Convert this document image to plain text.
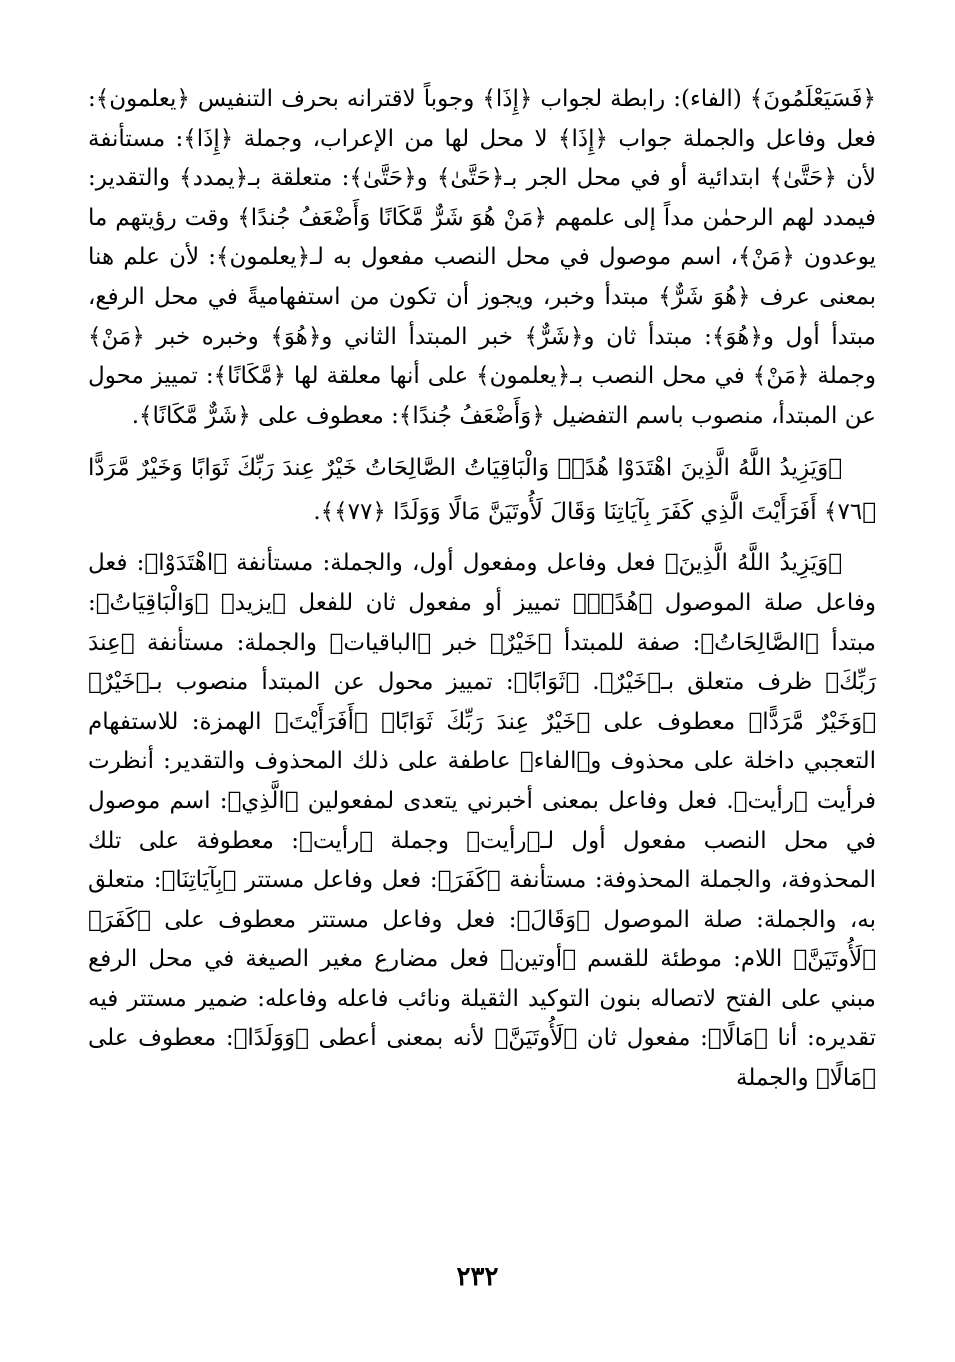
﴿فَسَيَعْلَمُونَ﴾ (الفاء): رابطة لجواب ﴿إِذَا﴾ وجوباً لاقترانه بحرف التنفيس ﴿يعلمون﴾: فعل وفاعل والجملة جواب ﴿إِذَا﴾ لا محل لها من الإعراب، وجملة ﴿إِذَا﴾: مستأنفة لأن ﴿حَتَّىٰ﴾ ابتدائية أو في محل الجر بـ﴿حَتَّىٰ﴾ و﴿حَتَّىٰ﴾: متعلقة بـ﴿يمدد﴾ والتقدير: فيمدد لهم الرحمٰن مداً إلى علمهم ﴿مَنْ هُوَ شَرٌّ مَّكَانًا وَأَضْعَفُ جُندًا﴾ وقت رؤيتهم ما يوعدون ﴿مَنْ﴾، اسم موصول في محل النصب مفعول به لـ﴿يعلمون﴾: لأن علم هنا بمعنى عرف ﴿هُوَ شَرٌّ﴾ مبتدأ وخبر، ويجوز أن تكون من استفهاميةً في محل الرفع، مبتدأ أول و﴿هُوَ﴾: مبتدأ ثان و﴿شَرٌّ﴾ خبر المبتدأ الثاني و﴿هُوَ﴾ وخبره خبر ﴿مَنْ﴾ وجملة ﴿مَنْ﴾ في محل النصب بـ﴿يعلمون﴾ على أنها معلقة لها ﴿مَّكَانًا﴾: تمييز محول عن المبتدأ، منصوب باسم التفضيل ﴿وَأَضْعَفُ جُندًا﴾: معطوف على ﴿شَرٌّ مَّكَانًا﴾.

﴿وَيَزِيدُ اللَّهُ الَّذِينَ اهْتَدَوْا هُدًىۗ وَالْبَاقِيَاتُ الصَّالِحَاتُ خَيْرٌ عِندَ رَبِّكَ ثَوَابًا وَخَيْرٌ مَّرَدًّا ﴿٧٦﴾ أَفَرَأَيْتَ الَّذِي كَفَرَ بِآيَاتِنَا وَقَالَ لَأُوتَيَنَّ مَالًا وَوَلَدًا ﴿٧٧﴾﴾.

﴿وَيَزِيدُ اللَّهُ الَّذِينَ﴾ فعل وفاعل ومفعول أول، والجملة: مستأنفة ﴿اهْتَدَوْا﴾: فعل وفاعل صلة الموصول ﴿هُدًىۗ﴾ تمييز أو مفعول ثان للفعل ﴿يزيد﴾ ﴿وَالْبَاقِيَاتُ﴾: مبتدأ ﴿الصَّالِحَاتُ﴾: صفة للمبتدأ ﴿خَيْرٌ﴾ خبر ﴿الباقيات﴾ والجملة: مستأنفة ﴿عِندَ رَبِّكَ﴾ ظرف متعلق بـ﴿خَيْرٌ﴾. ﴿ثَوَابًا﴾: تمييز محول عن المبتدأ منصوب بـ﴿خَيْرٌ﴾ ﴿وَخَيْرٌ مَّرَدًّا﴾ معطوف على ﴿خَيْرٌ عِندَ رَبِّكَ ثَوَابًا﴾ ﴿أَفَرَأَيْتَ﴾ الهمزة: للاستفهام التعجبي داخلة على محذوف و﴿الفاء﴾ عاطفة على ذلك المحذوف والتقدير: أنظرت فرأيت ﴿رأيت﴾. فعل وفاعل بمعنى أخبرني يتعدى لمفعولين ﴿الَّذِي﴾: اسم موصول في محل النصب مفعول أول لـ﴿رأيت﴾ وجملة ﴿رأيت﴾: معطوفة على تلك المحذوفة، والجملة المحذوفة: مستأنفة ﴿كَفَرَ﴾: فعل وفاعل مستتر ﴿بِآيَاتِنَا﴾: متعلق به، والجملة: صلة الموصول ﴿وَقَالَ﴾: فعل وفاعل مستتر معطوف على ﴿كَفَرَ﴾ ﴿لَأُوتَيَنَّ﴾ اللام: موطئة للقسم ﴿أوتين﴾ فعل مضارع مغير الصيغة في محل الرفع مبني على الفتح لاتصاله بنون التوكيد الثقيلة ونائب فاعله وفاعله: ضمير مستتر فيه تقديره: أنا ﴿مَالًا﴾: مفعول ثان ﴿لَأُوتَيَنَّ﴾ لأنه بمعنى أعطى ﴿وَوَلَدًا﴾: معطوف على ﴿مَالًا﴾ والجملة

٢٣٢
